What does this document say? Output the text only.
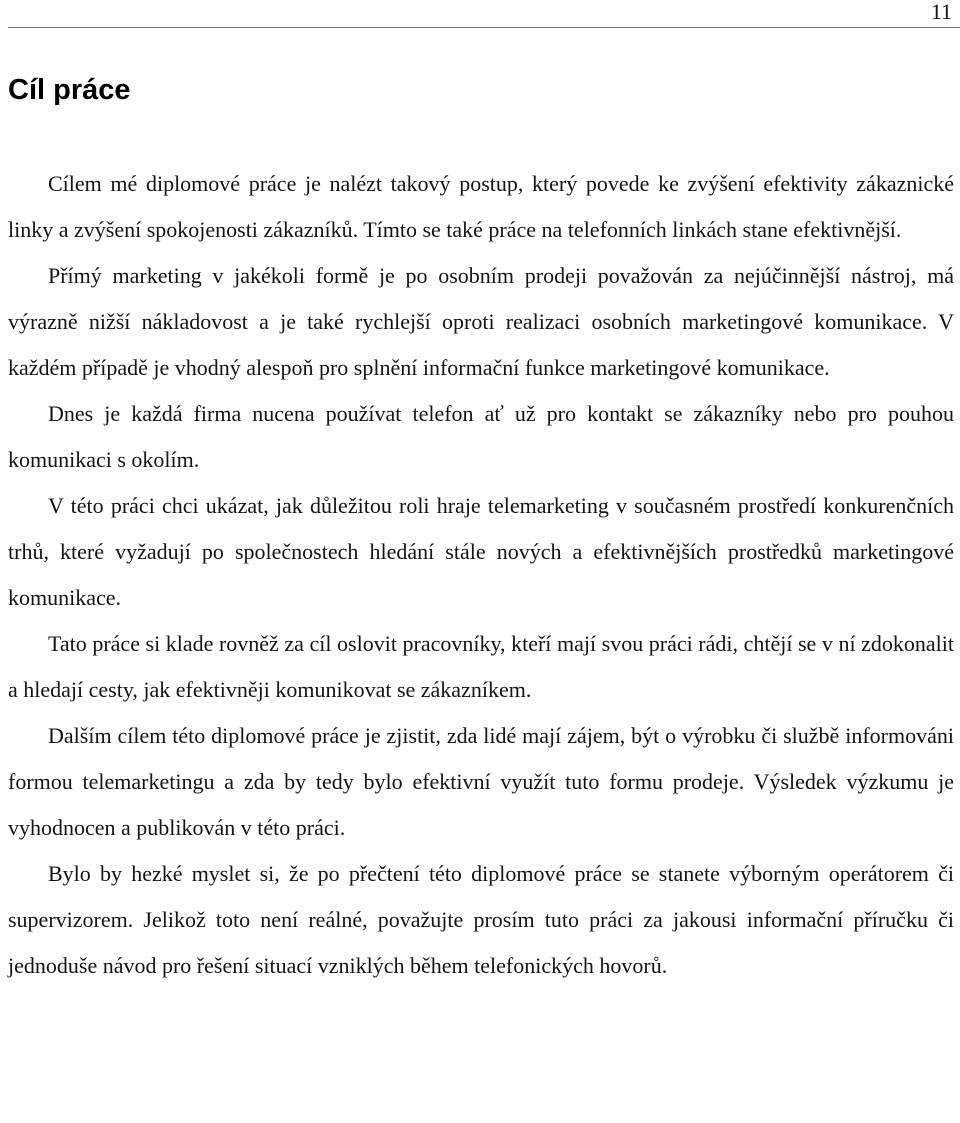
11
Cíl práce

Cílem mé diplomové práce je nalézt takový postup, který povede ke zvýšení efektivity zákaznické linky a zvýšení spokojenosti zákazníků. Tímto se také práce na telefonních linkách stane efektivnější.

Přímý marketing v jakékoli formě je po osobním prodeji považován za nejúčinnější nástroj, má výrazně nižší nákladovost a je také rychlejší oproti realizaci osobních marketingové komunikace. V každém případě je vhodný alespoň pro splnění informační funkce marketingové komunikace.

Dnes je každá firma nucena používat telefon ať už pro kontakt se zákazníky nebo pro pouhou komunikaci s okolím.

V této práci chci ukázat, jak důležitou roli hraje telemarketing v současném prostředí konkurenčních trhů, které vyžadují po společnostech hledání stále nových a efektivnějších prostředků marketingové komunikace.

Tato práce si klade rovněž za cíl oslovit pracovníky, kteří mají svou práci rádi, chtějí se v ní zdokonalit a hledají cesty, jak efektivněji komunikovat se zákazníkem.

Dalším cílem této diplomové práce je zjistit, zda lidé mají zájem, být o výrobku či službě informováni formou telemarketingu a zda by tedy bylo efektivní využít tuto formu prodeje. Výsledek výzkumu je vyhodnocen a publikován v této práci.

Bylo by hezké myslet si, že po přečtení této diplomové práce se stanete výborným operátorem či supervizorem. Jelikož toto není reálné, považujte prosím tuto práci za jakousi informační příručku či jednoduše návod pro řešení situací vzniklých během telefonických hovorů.
